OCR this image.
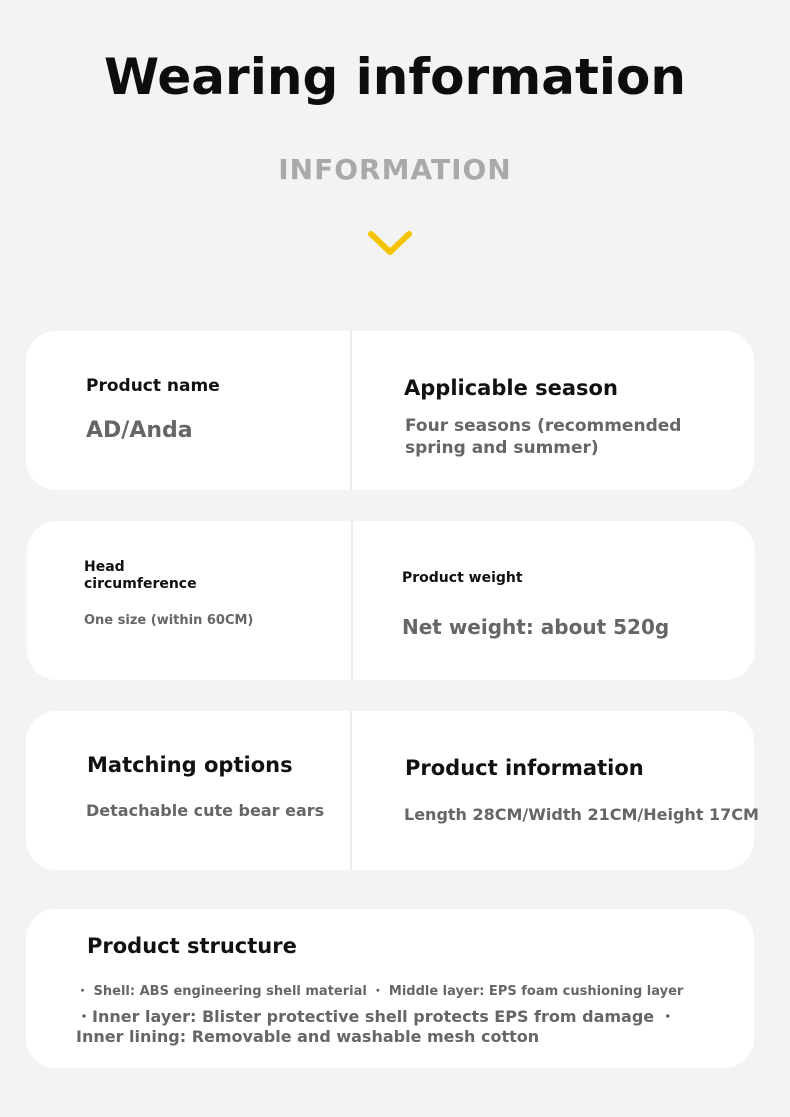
Wearing information
INFORMATION
Product name
AD/Anda
Applicable season
Four seasons (recommended spring and summer)
Head
circumference
One size (within 60CM)
Product weight
Net weight: about 520g
Matching options
Detachable cute bear ears
Product information
Length 28CM/Width 21CM/Height 17CM
Product structure
・ Shell: ABS engineering shell material ・ Middle layer: EPS foam cushioning layer
・Inner layer: Blister protective shell protects EPS from damage ・Inner lining: Removable and washable mesh cotton
